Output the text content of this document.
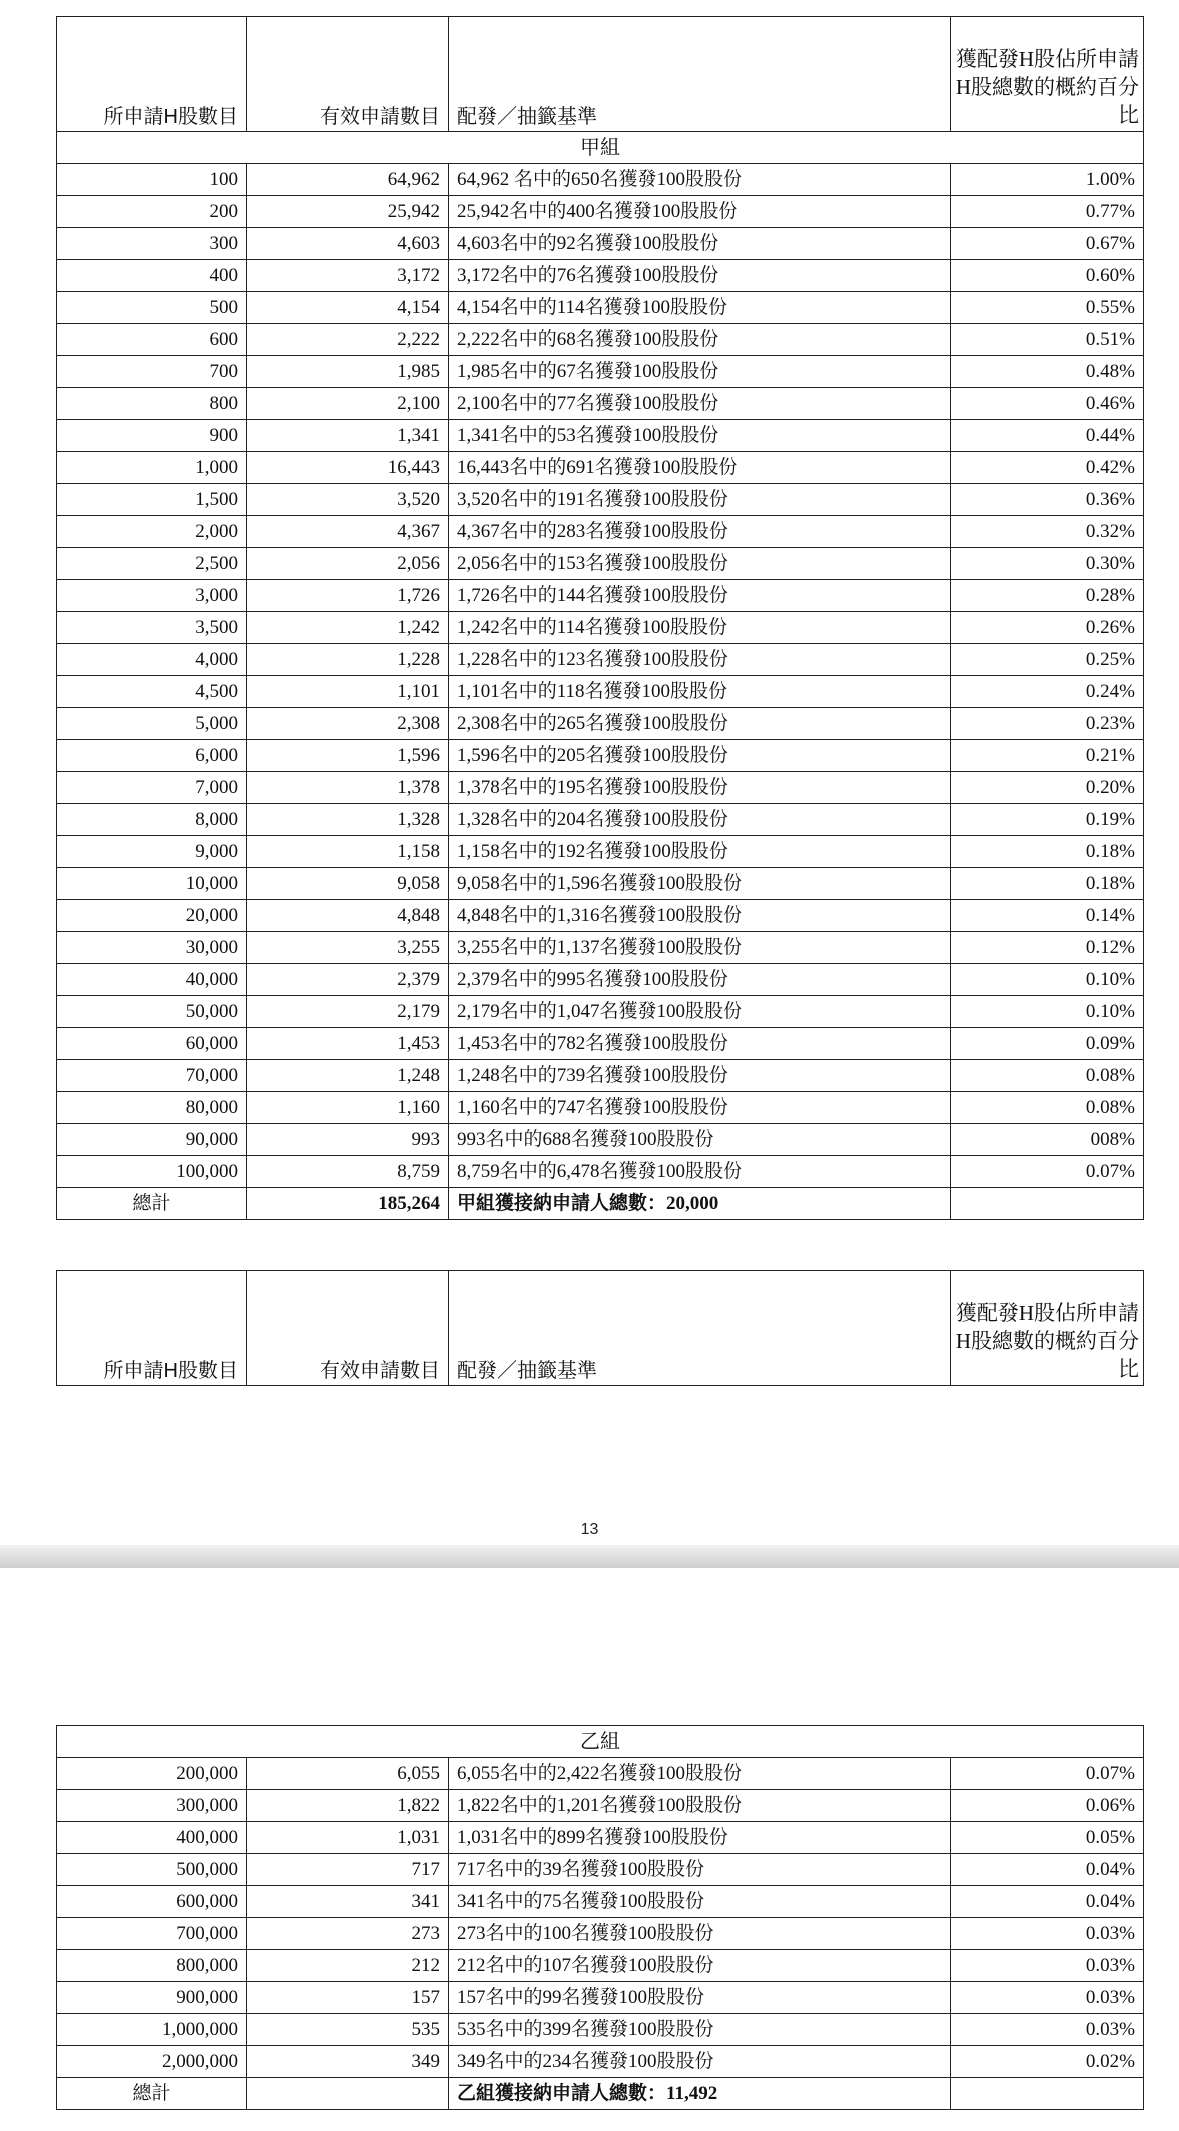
所申請H股數目	有效申請數目	配發／抽籤基準	獲配發H股佔所申請H股總數的概約百分比
甲組			
100	64,962	64,962 名中的650名獲發100股股份	1.00%
200	25,942	25,942名中的400名獲發100股股份	0.77%
300	4,603	4,603名中的92名獲發100股股份	0.67%
400	3,172	3,172名中的76名獲發100股股份	0.60%
500	4,154	4,154名中的114名獲發100股股份	0.55%
600	2,222	2,222名中的68名獲發100股股份	0.51%
700	1,985	1,985名中的67名獲發100股股份	0.48%
800	2,100	2,100名中的77名獲發100股股份	0.46%
900	1,341	1,341名中的53名獲發100股股份	0.44%
1,000	16,443	16,443名中的691名獲發100股股份	0.42%
1,500	3,520	3,520名中的191名獲發100股股份	0.36%
2,000	4,367	4,367名中的283名獲發100股股份	0.32%
2,500	2,056	2,056名中的153名獲發100股股份	0.30%
3,000	1,726	1,726名中的144名獲發100股股份	0.28%
3,500	1,242	1,242名中的114名獲發100股股份	0.26%
4,000	1,228	1,228名中的123名獲發100股股份	0.25%
4,500	1,101	1,101名中的118名獲發100股股份	0.24%
5,000	2,308	2,308名中的265名獲發100股股份	0.23%
6,000	1,596	1,596名中的205名獲發100股股份	0.21%
7,000	1,378	1,378名中的195名獲發100股股份	0.20%
8,000	1,328	1,328名中的204名獲發100股股份	0.19%
9,000	1,158	1,158名中的192名獲發100股股份	0.18%
10,000	9,058	9,058名中的1,596名獲發100股股份	0.18%
20,000	4,848	4,848名中的1,316名獲發100股股份	0.14%
30,000	3,255	3,255名中的1,137名獲發100股股份	0.12%
40,000	2,379	2,379名中的995名獲發100股股份	0.10%
50,000	2,179	2,179名中的1,047名獲發100股股份	0.10%
60,000	1,453	1,453名中的782名獲發100股股份	0.09%
70,000	1,248	1,248名中的739名獲發100股股份	0.08%
80,000	1,160	1,160名中的747名獲發100股股份	0.08%
90,000	993	993名中的688名獲發100股股份	008%
100,000	8,759	8,759名中的6,478名獲發100股股份	0.07%
總計	185,264	甲組獲接納申請人總數：20,000	
所申請H股數目	有效申請數目	配發／抽籤基準	獲配發H股佔所申請H股總數的概約百分比
13
乙組			
200,000	6,055	6,055名中的2,422名獲發100股股份	0.07%
300,000	1,822	1,822名中的1,201名獲發100股股份	0.06%
400,000	1,031	1,031名中的899名獲發100股股份	0.05%
500,000	717	717名中的39名獲發100股股份	0.04%
600,000	341	341名中的75名獲發100股股份	0.04%
700,000	273	273名中的100名獲發100股股份	0.03%
800,000	212	212名中的107名獲發100股股份	0.03%
900,000	157	157名中的99名獲發100股股份	0.03%
1,000,000	535	535名中的399名獲發100股股份	0.03%
2,000,000	349	349名中的234名獲發100股股份	0.02%
總計		乙組獲接納申請人總數：11,492	
